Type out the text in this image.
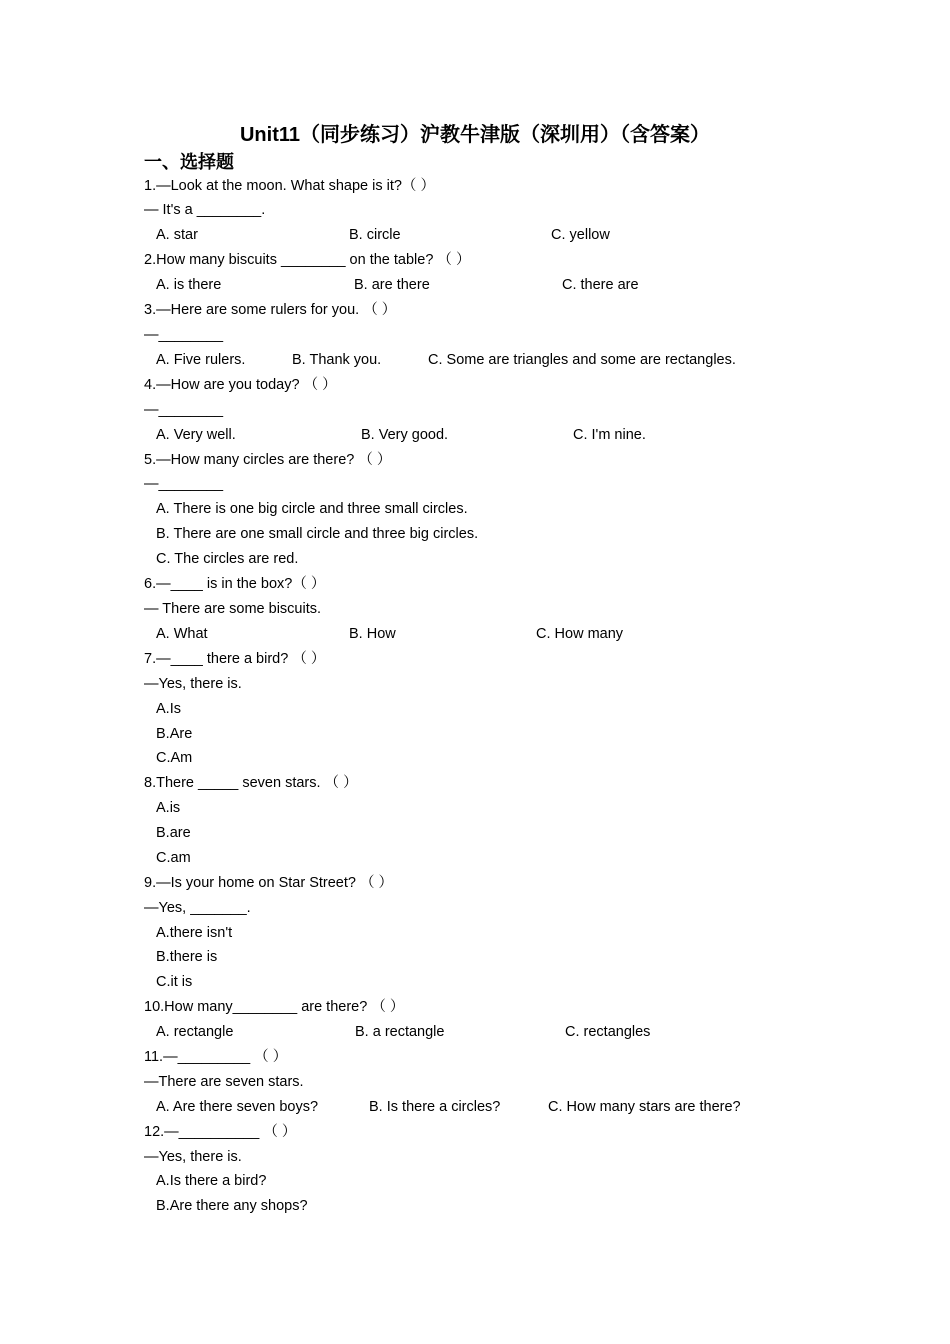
Unit11（同步练习）沪教牛津版（深圳用）（含答案）
一、选择题
1.—Look at the moon. What shape is it?（ ）
— It's a ________.
A. star	B. circle	C. yellow
2.How many biscuits ________ on the table? （ ）
A. is there	B. are there	C. there are
3.—Here are some rulers for you. （ ）
—________
A. Five rulers.	B. Thank you.	C. Some are triangles and some are rectangles.
4.—How are you today? （ ）
—________
A. Very well.	B. Very good.	C. I'm nine.
5.—How many circles are there? （ ）
—________
A. There is one big circle and three small circles.
B. There are one small circle and three big circles.
C. The circles are red.
6.—____ is in the box?（ ）
— There are some biscuits.
A. What	B. How	C. How many
7.—____ there a bird? （ ）
—Yes, there is.
A.Is
B.Are
C.Am
8.There _____ seven stars. （ ）
A.is
B.are
C.am
9.—Is your home on Star Street? （ ）
—Yes, _______.
A.there isn't
B.there is
C.it is
10.How many________ are there? （ ）
A. rectangle	B. a rectangle	C. rectangles
11.—_________ （ ）
—There are seven stars.
A. Are there seven boys?	B. Is there a circles?	C. How many stars are there?
12.—__________ （ ）
—Yes, there is.
A.Is there a bird?
B.Are there any shops?
